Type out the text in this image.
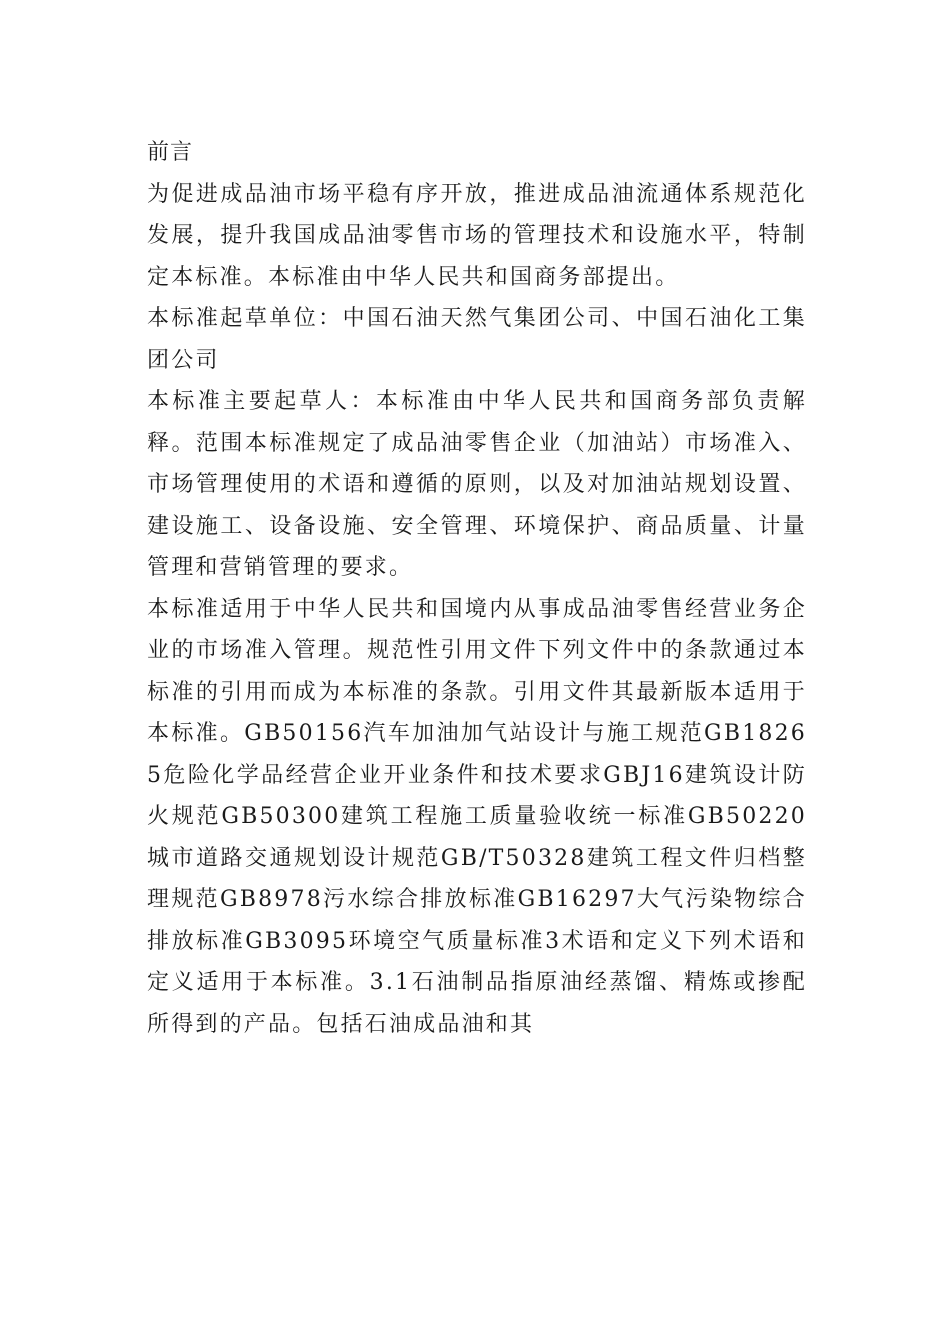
前言

为促进成品油市场平稳有序开放，推进成品油流通体系规范化发展，提升我国成品油零售市场的管理技术和设施水平，特制定本标准。本标准由中华人民共和国商务部提出。

本标准起草单位：中国石油天然气集团公司、中国石油化工集团公司

本标准主要起草人：本标准由中华人民共和国商务部负责解释。范围本标准规定了成品油零售企业（加油站）市场准入、市场管理使用的术语和遵循的原则，以及对加油站规划设置、建设施工、设备设施、安全管理、环境保护、商品质量、计量管理和营销管理的要求。

本标准适用于中华人民共和国境内从事成品油零售经营业务企业的市场准入管理。规范性引用文件下列文件中的条款通过本标准的引用而成为本标准的条款。引用文件其最新版本适用于本标准。GB50156汽车加油加气站设计与施工规范GB18265危险化学品经营企业开业条件和技术要求GBJ16建筑设计防火规范GB50300建筑工程施工质量验收统一标准GB50220城市道路交通规划设计规范GB/T50328建筑工程文件归档整理规范GB8978污水综合排放标准GB16297大气污染物综合排放标准GB3095环境空气质量标准3术语和定义下列术语和定义适用于本标准。3.1石油制品指原油经蒸馏、精炼或掺配所得到的产品。包括石油成品油和其
